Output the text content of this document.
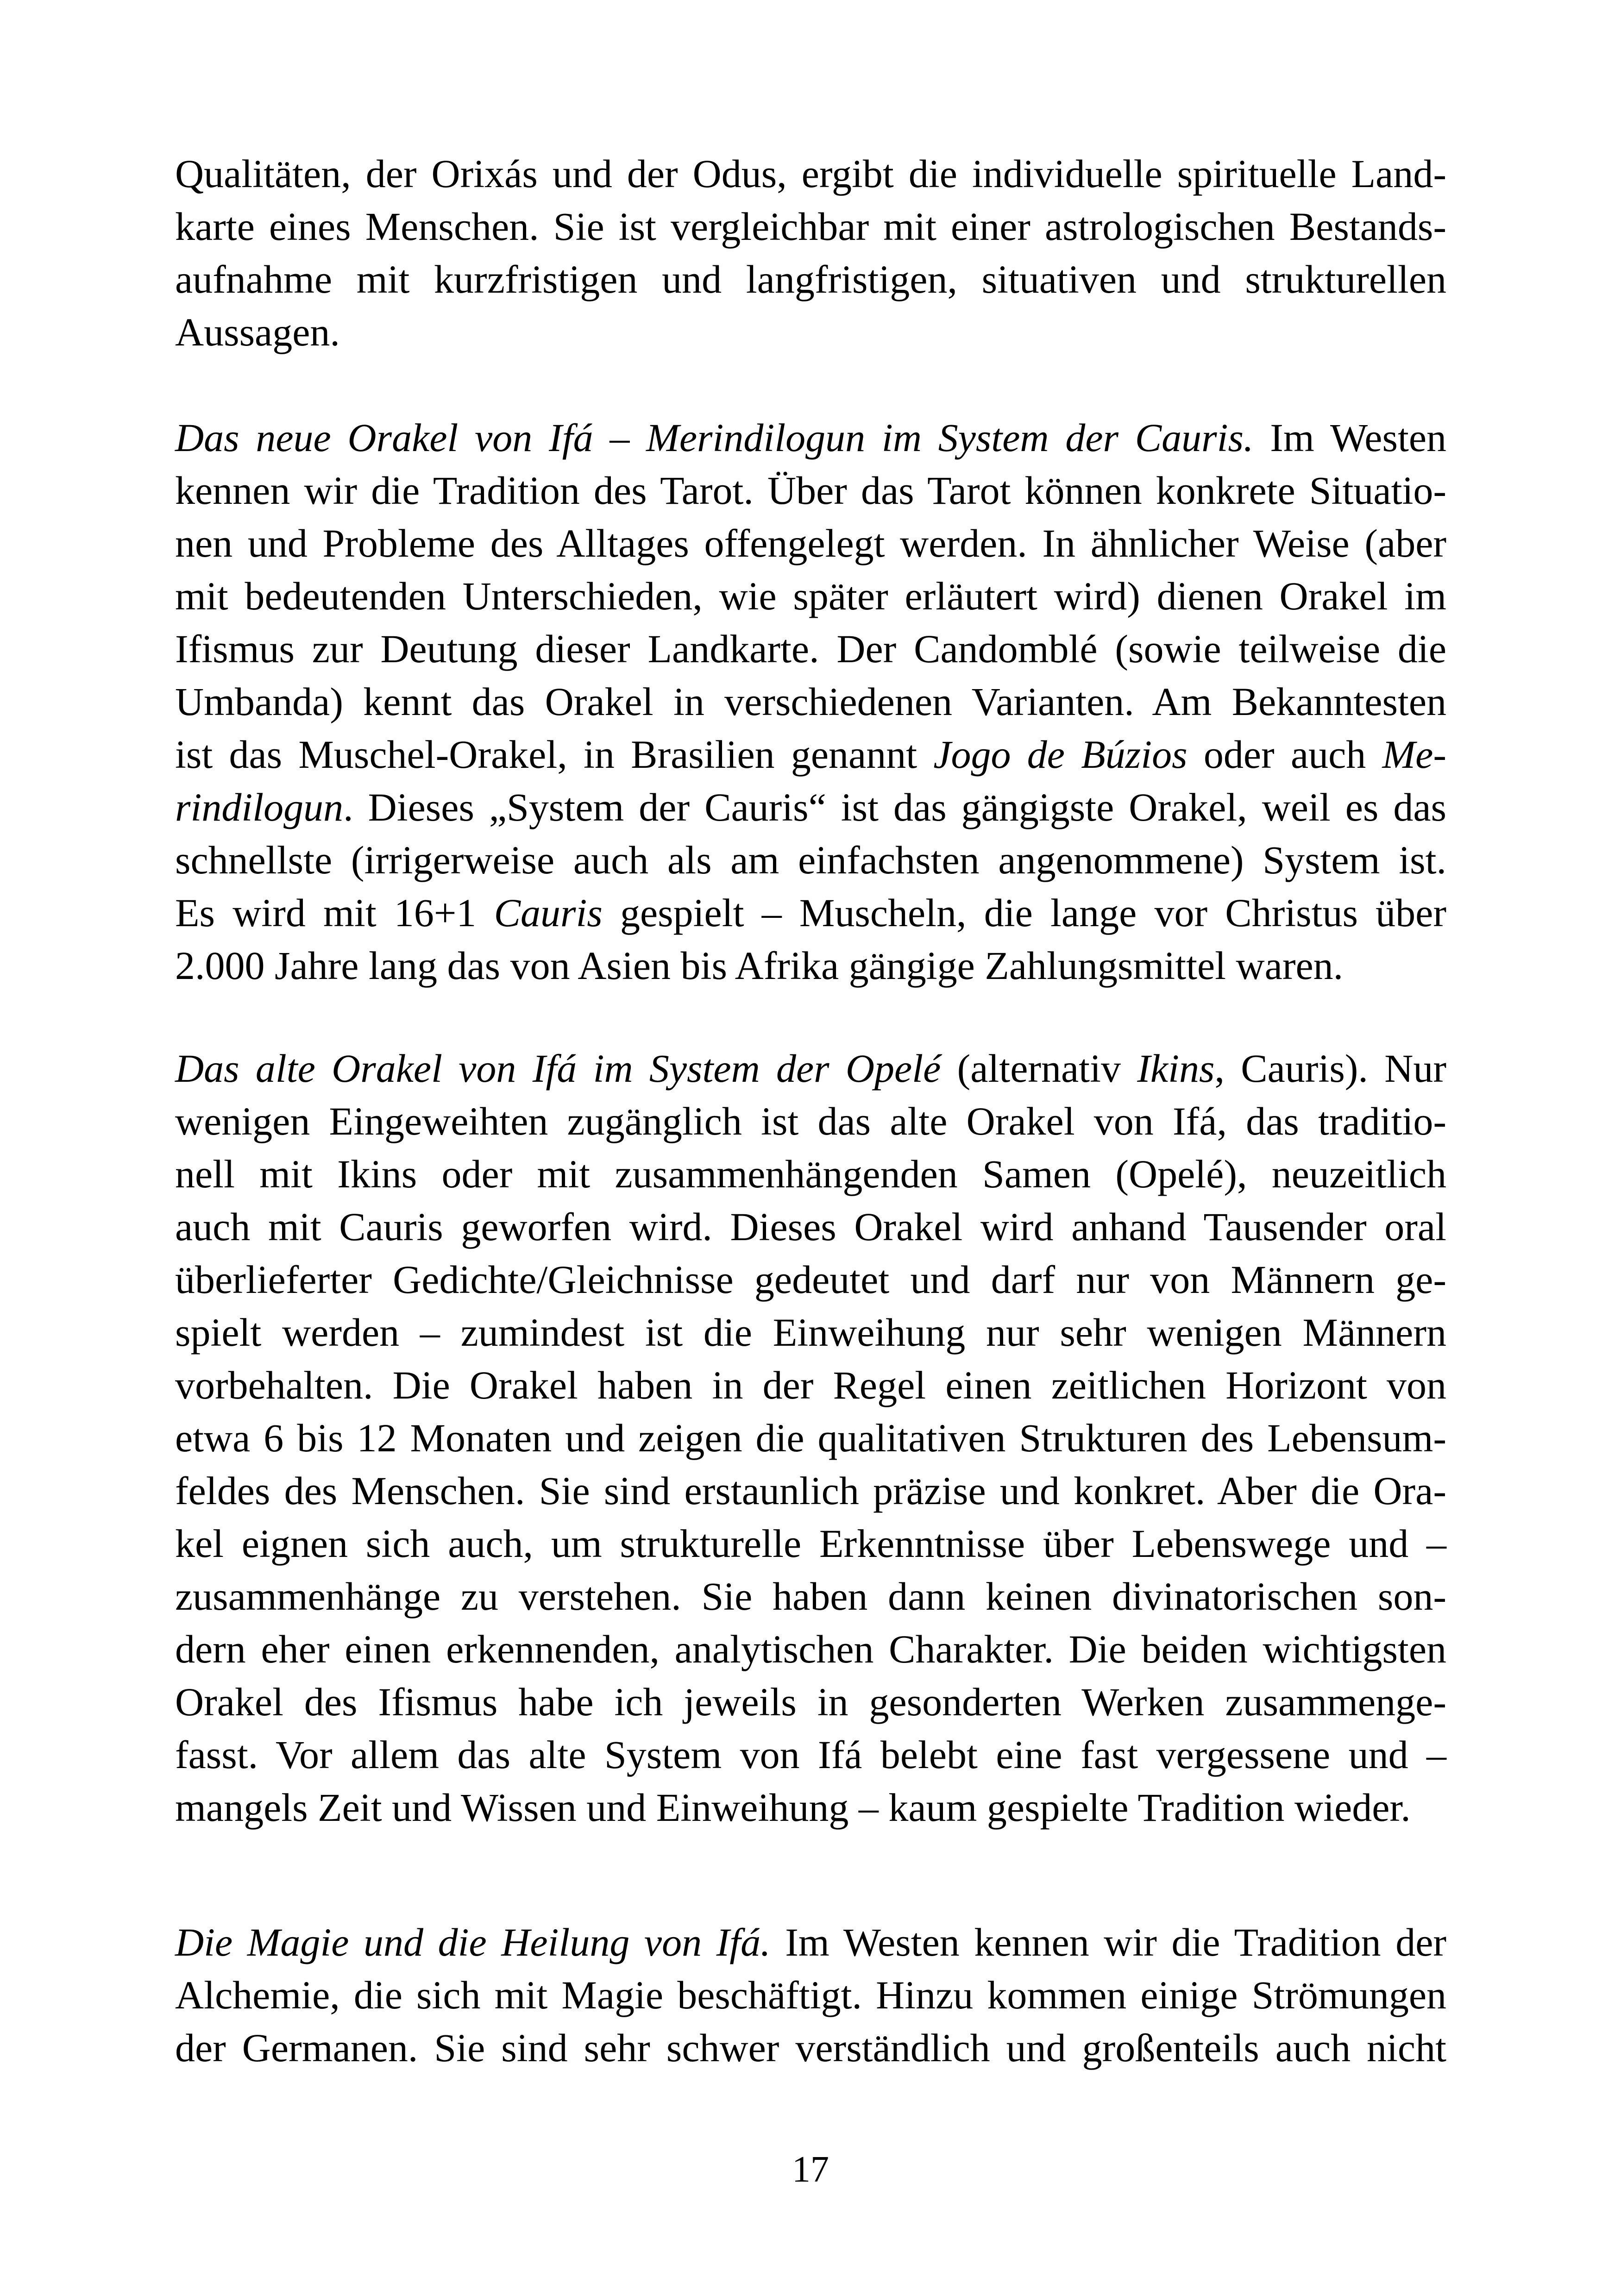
Qualitäten, der Orixás und der Odus, ergibt die individuelle spirituelle Land-
karte eines Menschen. Sie ist vergleichbar mit einer astrologischen Bestands-
aufnahme mit kurzfristigen und langfristigen, situativen und strukturellen
Aussagen.
Das neue Orakel von Ifá – Merindilogun im System der Cauris. Im Westen
kennen wir die Tradition des Tarot. Über das Tarot können konkrete Situatio-
nen und Probleme des Alltages offengelegt werden. In ähnlicher Weise (aber
mit bedeutenden Unterschieden, wie später erläutert wird) dienen Orakel im
Ifismus zur Deutung dieser Landkarte. Der Candomblé (sowie teilweise die
Umbanda) kennt das Orakel in verschiedenen Varianten. Am Bekanntesten
ist das Muschel-Orakel, in Brasilien genannt Jogo de Búzios oder auch Me-
rindilogun. Dieses „System der Cauris“ ist das gängigste Orakel, weil es das
schnellste (irrigerweise auch als am einfachsten angenommene) System ist.
Es wird mit 16+1 Cauris gespielt – Muscheln, die lange vor Christus über
2.000 Jahre lang das von Asien bis Afrika gängige Zahlungsmittel waren.
Das alte Orakel von Ifá im System der Opelé (alternativ Ikins, Cauris). Nur
wenigen Eingeweihten zugänglich ist das alte Orakel von Ifá, das traditio-
nell mit Ikins oder mit zusammenhängenden Samen (Opelé), neuzeitlich
auch mit Cauris geworfen wird. Dieses Orakel wird anhand Tausender oral
überlieferter Gedichte/Gleichnisse gedeutet und darf nur von Männern ge-
spielt werden – zumindest ist die Einweihung nur sehr wenigen Männern
vorbehalten. Die Orakel haben in der Regel einen zeitlichen Horizont von
etwa 6 bis 12 Monaten und zeigen die qualitativen Strukturen des Lebensum-
feldes des Menschen. Sie sind erstaunlich präzise und konkret. Aber die Ora-
kel eignen sich auch, um strukturelle Erkenntnisse über Lebenswege und –
zusammenhänge zu verstehen. Sie haben dann keinen divinatorischen son-
dern eher einen erkennenden, analytischen Charakter. Die beiden wichtigsten
Orakel des Ifismus habe ich jeweils in gesonderten Werken zusammenge-
fasst. Vor allem das alte System von Ifá belebt eine fast vergessene und –
mangels Zeit und Wissen und Einweihung – kaum gespielte Tradition wieder.
Die Magie und die Heilung von Ifá. Im Westen kennen wir die Tradition der
Alchemie, die sich mit Magie beschäftigt. Hinzu kommen einige Strömungen
der Germanen. Sie sind sehr schwer verständlich und großenteils auch nicht
17
